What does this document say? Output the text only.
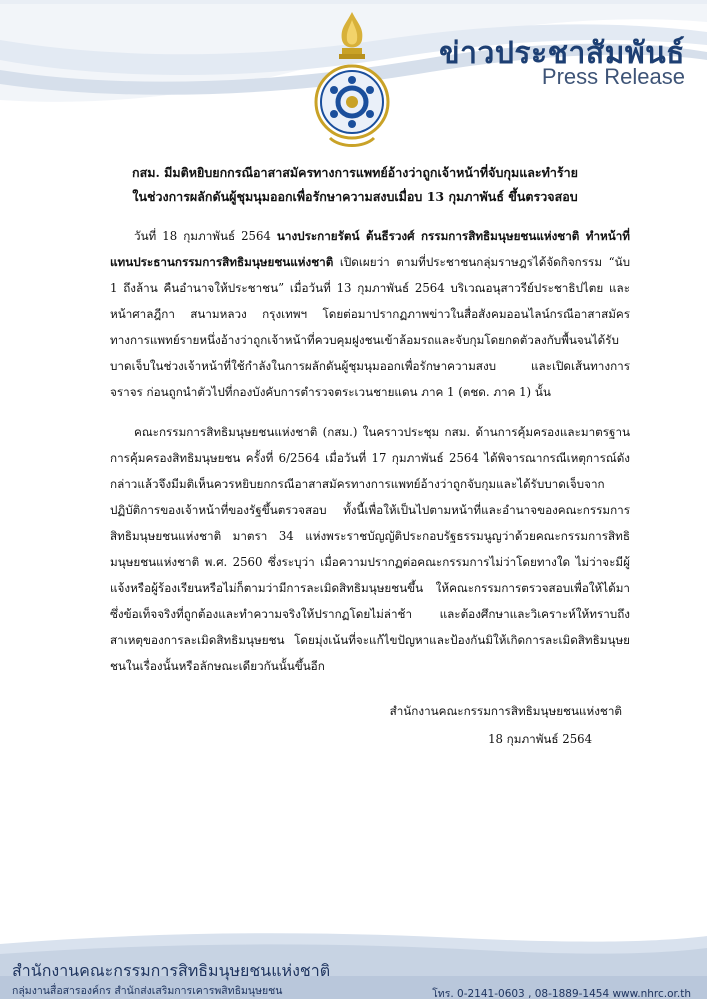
ข่าวประชาสัมพันธ์
Press Release
กสม. มีมติหยิบยกกรณีอาสาสมัครทางการแพทย์อ้างว่าถูกเจ้าหน้าที่จับกุมและทำร้าย
ในช่วงการผลักดันผู้ชุมนุมออกเพื่อรักษาความสงบเมื่อบ 13 กุมภาพันธ์ ขึ้นตรวจสอบ

วันที่ 18 กุมภาพันธ์ 2564 นางประกายรัตน์ ต้นธีรวงศ์ กรรมการสิทธิมนุษยชนแห่งชาติ ทำหน้าที่แทนประธานกรรมการสิทธิมนุษยชนแห่งชาติ เปิดเผยว่า ตามที่ประชาชนกลุ่มราษฎรได้จัดกิจกรรม “นับ 1 ถึงล้าน คืนอำนาจให้ประชาชน” เมื่อวันที่ 13 กุมภาพันธ์ 2564 บริเวณอนุสาวรีย์ประชาธิปไตย และหน้าศาลฎีกา สนามหลวง กรุงเทพฯ โดยต่อมาปรากฏภาพข่าวในสื่อสังคมออนไลน์กรณีอาสาสมัครทางการแพทย์รายหนึ่งอ้างว่าถูกเจ้าหน้าที่ควบคุมฝูงชนเข้าล้อมรถและจับกุมโดยกดตัวลงกับพื้นจนได้รับบาดเจ็บในช่วงเจ้าหน้าที่ใช้กำลังในการผลักดันผู้ชุมนุมออกเพื่อรักษาความสงบ และเปิดเส้นทางการจราจร ก่อนถูกนำตัวไปที่กองบังคับการตำรวจตระเวนชายแดน ภาค 1 (ตชด. ภาค 1) นั้น

คณะกรรมการสิทธิมนุษยชนแห่งชาติ (กสม.) ในคราวประชุม กสม. ด้านการคุ้มครองและมาตรฐานการคุ้มครองสิทธิมนุษยชน ครั้งที่ 6/2564 เมื่อวันที่ 17 กุมภาพันธ์ 2564 ได้พิจารณากรณีเหตุการณ์ดังกล่าวแล้วจึงมีมติเห็นควรหยิบยกกรณีอาสาสมัครทางการแพทย์อ้างว่าถูกจับกุมและได้รับบาดเจ็บจากปฏิบัติการของเจ้าหน้าที่ของรัฐขึ้นตรวจสอบ ทั้งนี้เพื่อให้เป็นไปตามหน้าที่และอำนาจของคณะกรรมการสิทธิมนุษยชนแห่งชาติ มาตรา 34 แห่งพระราชบัญญัติประกอบรัฐธรรมนูญว่าด้วยคณะกรรมการสิทธิมนุษยชนแห่งชาติ พ.ศ. 2560 ซึ่งระบุว่า เมื่อความปรากฏต่อคณะกรรมการไม่ว่าโดยทางใด ไม่ว่าจะมีผู้แจ้งหรือผู้ร้องเรียนหรือไม่ก็ตามว่ามีการละเมิดสิทธิมนุษยชนขึ้น ให้คณะกรรมการตรวจสอบเพื่อให้ได้มาซึ่งข้อเท็จจริงที่ถูกต้องและทำความจริงให้ปรากฏโดยไม่ล่าช้า และต้องศึกษาและวิเคราะห์ให้ทราบถึงสาเหตุของการละเมิดสิทธิมนุษยชน โดยมุ่งเน้นที่จะแก้ไขปัญหาและป้องกันมิให้เกิดการละเมิดสิทธิมนุษยชนในเรื่องนั้นหรือลักษณะเดียวกันนั้นขึ้นอีก

สำนักงานคณะกรรมการสิทธิมนุษยชนแห่งชาติ
18 กุมภาพันธ์ 2564
สำนักงานคณะกรรมการสิทธิมนุษยชนแห่งชาติ
กลุ่มงานสื่อสารองค์กร สำนักส่งเสริมการเคารพสิทธิมนุษยชน	โทร. 0-2141-0603 , 08-1889-1454 www.nhrc.or.th
